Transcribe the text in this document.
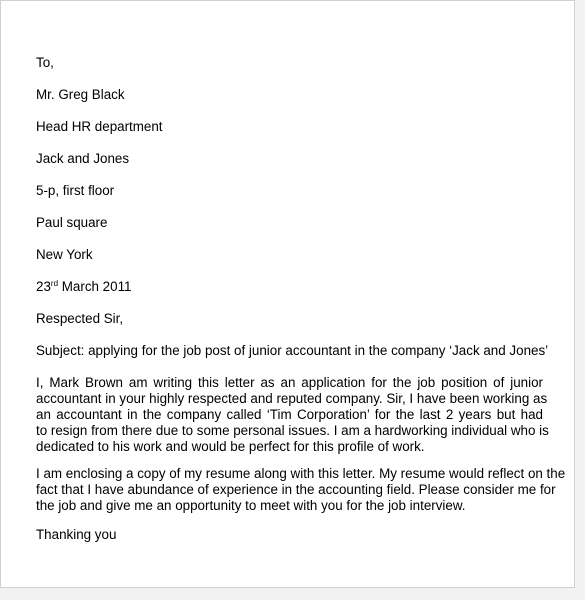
To,
Mr. Greg Black
Head HR department
Jack and Jones
5-p, first floor
Paul square
New York
23rd March 2011
Respected Sir,
Subject: applying for the job post of junior accountant in the company ‘Jack and Jones’
I, Mark Brown am writing this letter as an application for the job position of junior
accountant in your highly respected and reputed company. Sir, I have been working as
an accountant in the company called ‘Tim Corporation’ for the last 2 years but had
to resign from there due to some personal issues. I am a hardworking individual who is
dedicated to his work and would be perfect for this profile of work.
I am enclosing a copy of my resume along with this letter. My resume would reflect on the
fact that I have abundance of experience in the accounting field. Please consider me for
the job and give me an opportunity to meet with you for the job interview.
Thanking you
